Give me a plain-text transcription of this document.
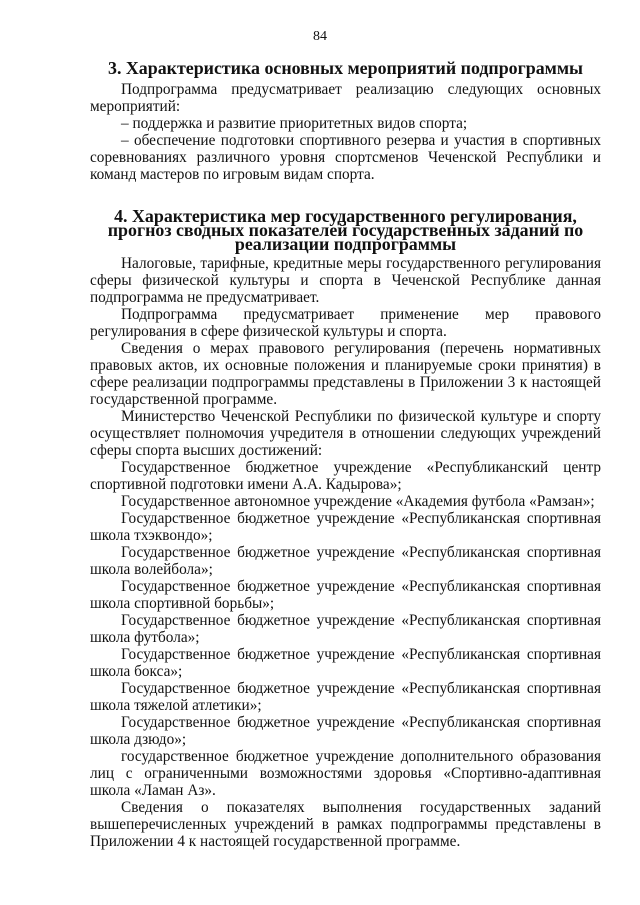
84
3. Характеристика основных мероприятий подпрограммы

Подпрограмма предусматривает реализацию следующих основных мероприятий:

– поддержка и развитие приоритетных видов спорта;

– обеспечение подготовки спортивного резерва и участия в спортивных соревнованиях различного уровня спортсменов Чеченской Республики и команд мастеров по игровым видам спорта.

4. Характеристика мер государственного регулирования, прогноз сводных показателей государственных заданий по реализации подпрограммы

Налоговые, тарифные, кредитные меры государственного регулирования сферы физической культуры и спорта в Чеченской Республике данная подпрограмма не предусматривает.

Подпрограмма предусматривает применение мер правового регулирования в сфере физической культуры и спорта.

Сведения о мерах правового регулирования (перечень нормативных правовых актов, их основные положения и планируемые сроки принятия) в сфере реализации подпрограммы представлены в Приложении 3 к настоящей государственной программе.

Министерство Чеченской Республики по физической культуре и спорту осуществляет полномочия учредителя в отношении следующих учреждений сферы спорта высших достижений:

Государственное бюджетное учреждение «Республиканский центр спортивной подготовки имени А.А. Кадырова»;

Государственное автономное учреждение «Академия футбола «Рамзан»;

Государственное бюджетное учреждение «Республиканская спортивная школа тхэквондо»;

Государственное бюджетное учреждение «Республиканская спортивная школа волейбола»;

Государственное бюджетное учреждение «Республиканская спортивная школа спортивной борьбы»;

Государственное бюджетное учреждение «Республиканская спортивная школа футбола»;

Государственное бюджетное учреждение «Республиканская спортивная школа бокса»;

Государственное бюджетное учреждение «Республиканская спортивная школа тяжелой атлетики»;

Государственное бюджетное учреждение «Республиканская спортивная школа дзюдо»;

государственное бюджетное учреждение дополнительного образования лиц с ограниченными возможностями здоровья «Спортивно-адаптивная школа «Ламан Аз».

Сведения о показателях выполнения государственных заданий вышеперечисленных учреждений в рамках подпрограммы представлены в Приложении 4 к настоящей государственной программе.
